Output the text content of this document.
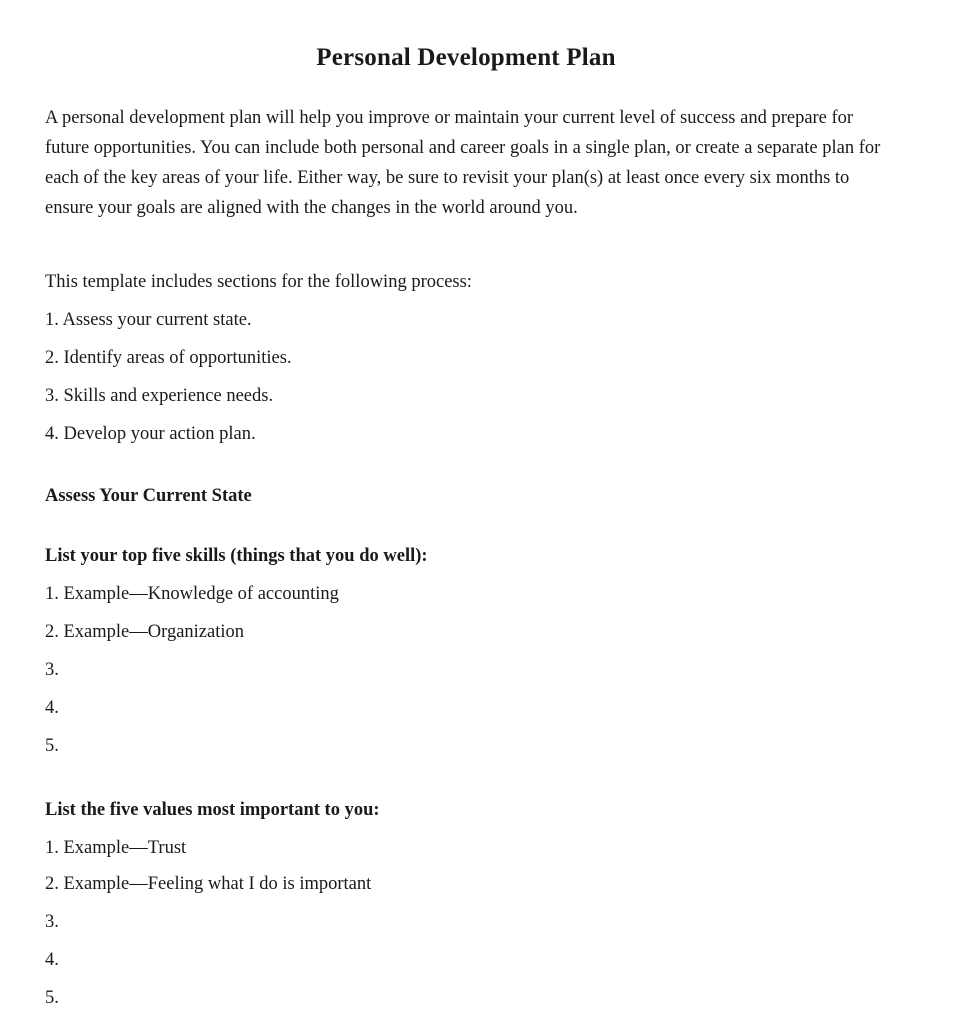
Personal Development Plan

A personal development plan will help you improve or maintain your current level of success and prepare for future opportunities. You can include both personal and career goals in a single plan, or create a separate plan for each of the key areas of your life. Either way, be sure to revisit your plan(s) at least once every six months to ensure your goals are aligned with the changes in the world around you.

This template includes sections for the following process:

1. Assess your current state.

2. Identify areas of opportunities.

3. Skills and experience needs.

4. Develop your action plan.

Assess Your Current State

List your top five skills (things that you do well):

1. Example—Knowledge of accounting

2. Example—Organization

3.

4.

5.

List the five values most important to you:

1. Example—Trust

2. Example—Feeling what I do is important

3.

4.

5.
